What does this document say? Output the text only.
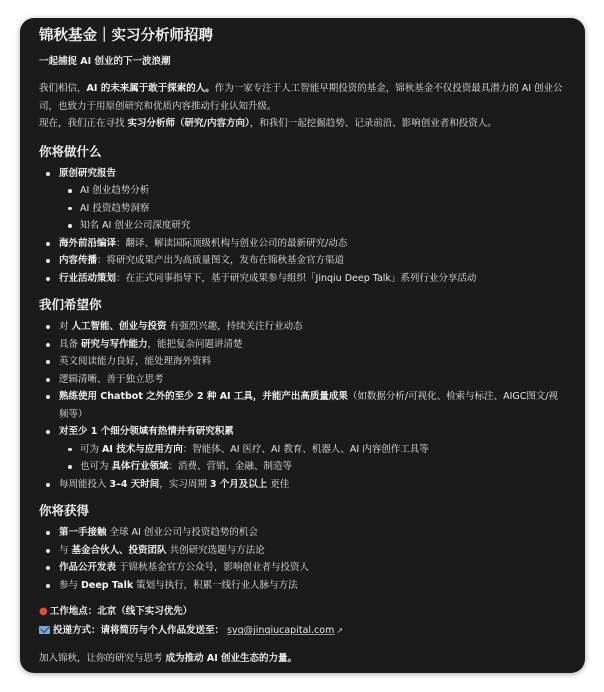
锦秋基金｜实习分析师招聘
一起捕捉 AI 创业的下一波浪潮

我们相信，AI 的未来属于敢于探索的人。作为一家专注于人工智能早期投资的基金，锦秋基金不仅投资最具潜力的 AI 创业公司，也致力于用原创研究和优质内容推动行业认知升级。

现在，我们正在寻找 实习分析师（研究/内容方向），和我们一起挖掘趋势、记录前沿、影响创业者和投资人。

你将做什么
原创研究报告
AI 创业趋势分析
AI 投资趋势洞察
知名 AI 创业公司深度研究
海外前沿编译：翻译、解读国际顶级机构与创业公司的最新研究/动态
内容传播：将研究成果产出为高质量图文，发布在锦秋基金官方渠道
行业活动策划：在正式同事指导下，基于研究成果参与组织「Jinqiu Deep Talk」系列行业分享活动
我们希望你
对 人工智能、创业与投资 有强烈兴趣，持续关注行业动态
具备 研究与写作能力，能把复杂问题讲清楚
英文阅读能力良好，能处理海外资料
逻辑清晰、善于独立思考
熟练使用 Chatbot 之外的至少 2 种 AI 工具，并能产出高质量成果（如数据分析/可视化、检索与标注、AIGC图文/视频等）
对至少 1 个细分领域有热情并有研究积累
可为 AI 技术与应用方向：智能体、AI 医疗、AI 教育、机器人、AI 内容创作工具等
也可为 具体行业领域：消费、营销、金融、制造等
每周能投入 3–4 天时间，实习周期 3 个月及以上 更佳
你将获得
第一手接触 全球 AI 创业公司与投资趋势的机会
与 基金合伙人、投资团队 共创研究选题与方法论
作品公开发表 于锦秋基金官方公众号，影响创业者与投资人
参与 Deep Talk 策划与执行，积累一线行业人脉与方法
● 工作地点：北京（线下实习优先）
投递方式：请将简历与个人作品发送至： syq@jinqiucapital.com ↗

加入锦秋，让你的研究与思考 成为推动 AI 创业生态的力量。
